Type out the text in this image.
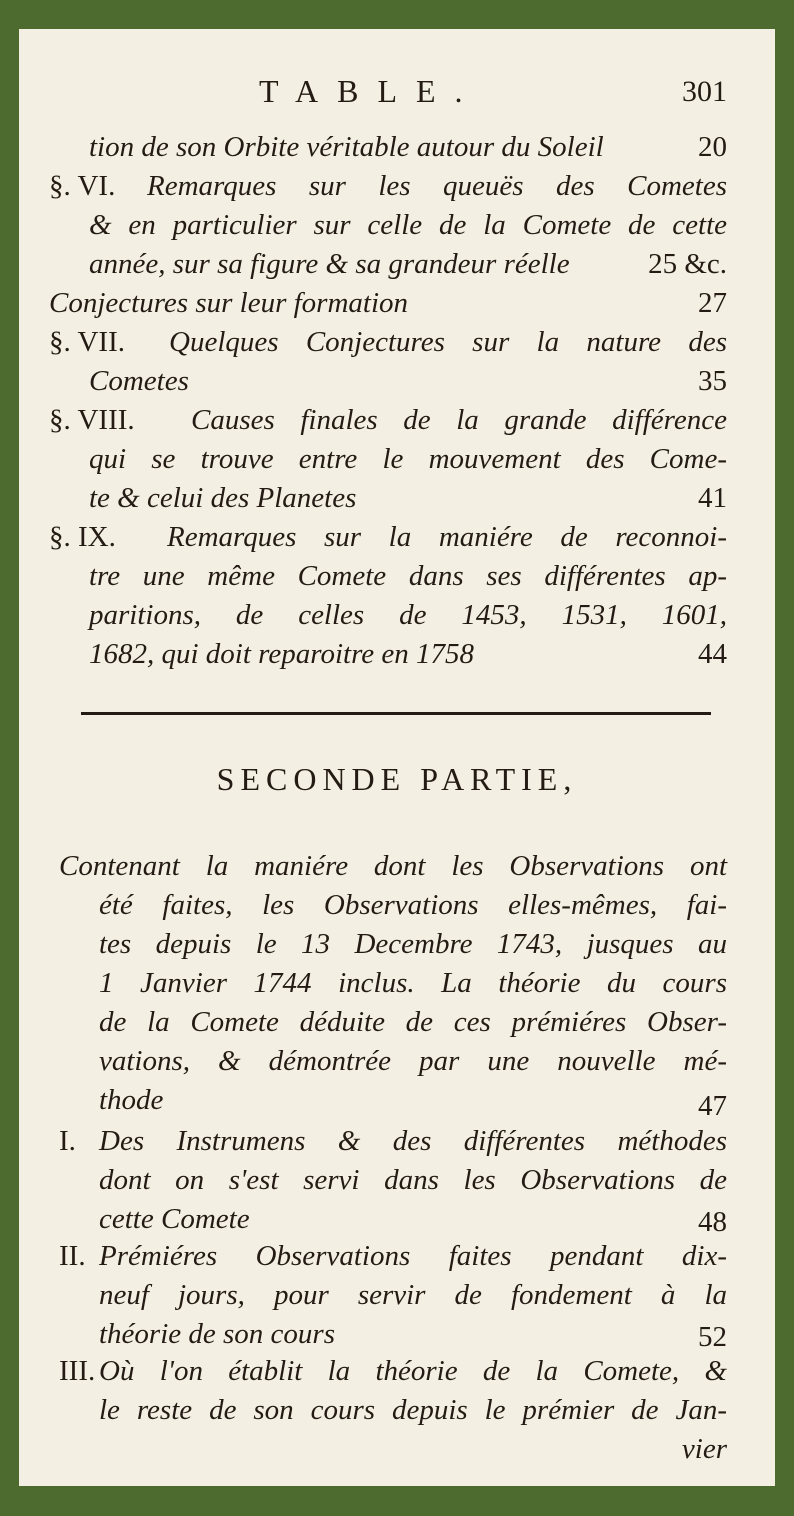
TABLE.	301
tion de son Orbite véritable autour du Soleil	20
§. VI. Remarques sur les queuës des Cometes
& en particulier sur celle de la Comete de cette
année, sur sa figure & sa grandeur réelle	25 &c.
Conjectures sur leur formation	27
§. VII. Quelques Conjectures sur la nature des
Cometes	35
§. VIII. Causes finales de la grande différence
qui se trouve entre le mouvement des Come-
te & celui des Planetes	41
§. IX. Remarques sur la maniére de reconnoi-
tre une même Comete dans ses différentes ap-
paritions, de celles de 1453, 1531, 1601,
1682, qui doit reparoitre en 1758	44
SECONDE PARTIE,
Contenant la maniére dont les Observations ont
été faites, les Observations elles-mêmes, fai-
tes depuis le 13 Decembre 1743, jusques au
1 Janvier 1744 inclus. La théorie du cours
de la Comete déduite de ces prémiéres Obser-
vations, & démontrée par une nouvelle mé-
thode	47
I. Des Instrumens & des différentes méthodes
dont on s'est servi dans les Observations de
cette Comete	48
II. Prémiéres Observations faites pendant dix-
neuf jours, pour servir de fondement à la
théorie de son cours	52
III. Où l'on établit la théorie de la Comete, &
le reste de son cours depuis le prémier de Jan-
vier
